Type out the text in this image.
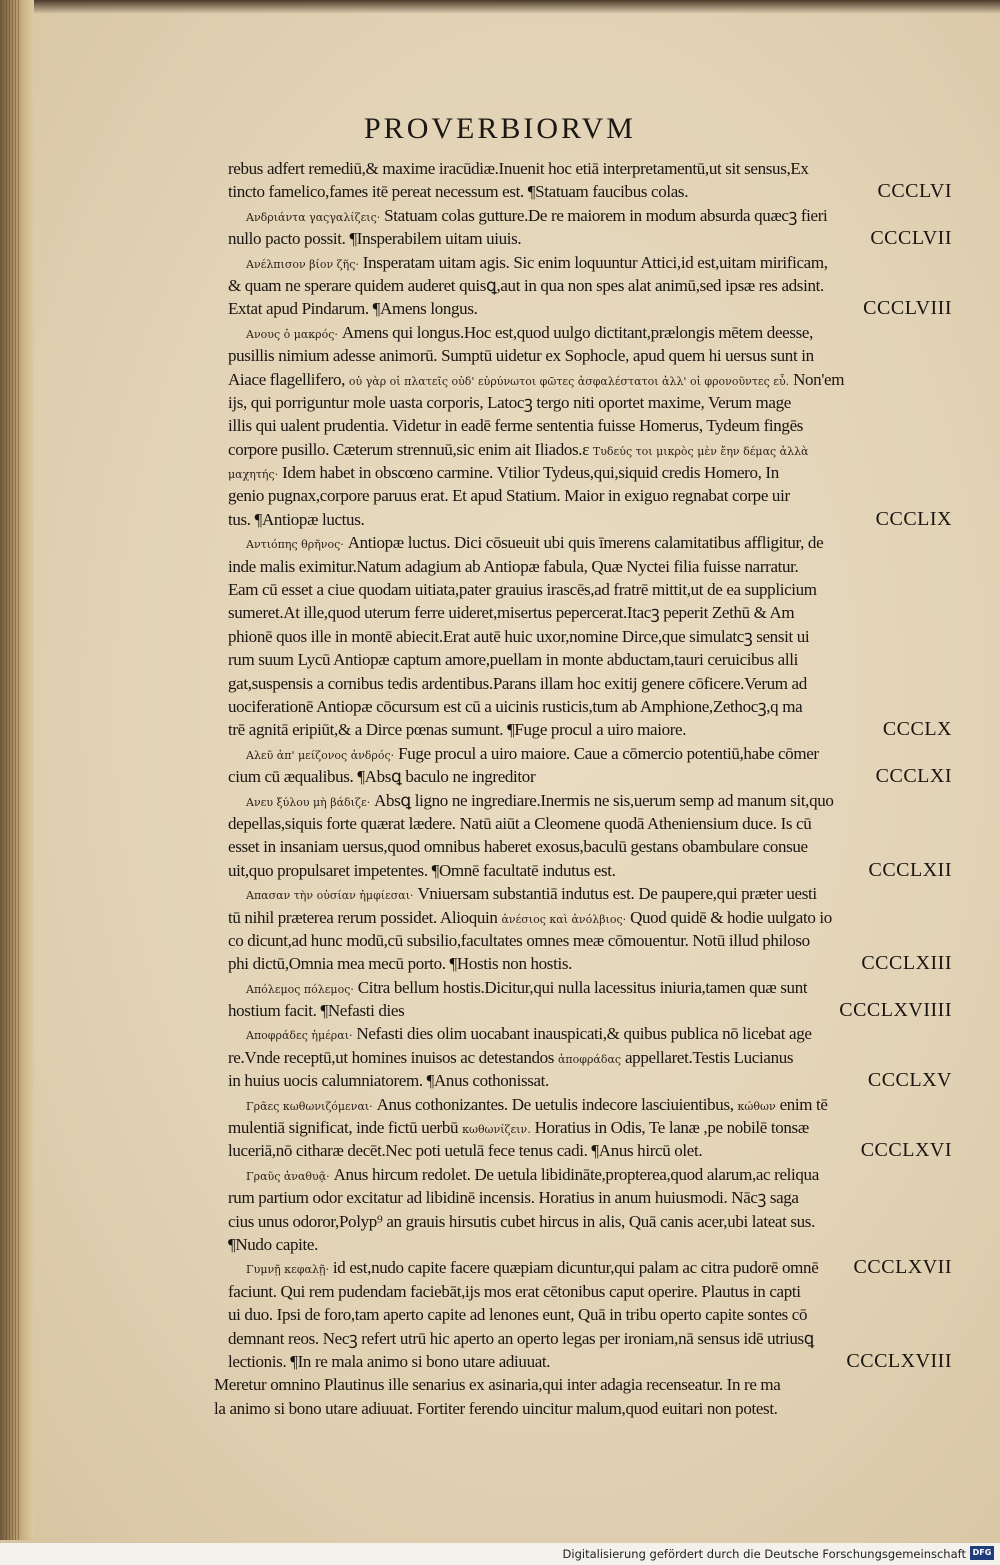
PROVERBIORVM
rebus adfert remediū,& maxime iracūdiæ.Inuenit hoc etiā interpretamentū,ut sit sensus,Ex
CCCLVI
tincto famelico,fames itē pereat necessum est. ¶Statuam faucibus colas.
Ανδριάντα γαςγαλίζεις· Statuam colas gutture.De re maiorem in modum absurda quæcꝫ fieri
CCCLVII
nullo pacto possit. ¶Insperabilem uitam uiuis.
Ανέλπισον βίον ζῆς· Insperatam uitam agis. Sic enim loquuntur Attici,id est,uitam mirificam,
& quam ne sperare quidem auderet quisꝗ,aut in qua non spes alat animū,sed ipsæ res adsint.
CCCLVIII
Extat apud Pindarum. ¶Amens longus.
Ανους ὁ μακρός· Amens qui longus.Hoc est,quod uulgo dictitant,prælongis mētem deesse,
pusillis nimium adesse animorū. Sumptū uidetur ex Sophocle, apud quem hi uersus sunt in
Aiace flagellifero, οὐ γὰρ οἱ πλατεῖς οὐδ' εὐρύνωτοι φῶτες ἀσφαλέστατοι ἀλλ' οἱ φρονοῦντες εὖ. Non'em
ijs, qui porriguntur mole uasta corporis, Latocꝫ tergo niti oportet maxime, Verum mage
illis qui ualent prudentia. Videtur in eadē ferme sententia fuisse Homerus, Tydeum fingēs
corpore pusillo. Cæterum strennuū,sic enim ait Iliados.ε Τυδεύς τοι μικρὸς μὲν ἔην δέμας ἀλλὰ
μαχητής· Idem habet in obscœno carmine. Vtilior Tydeus,qui,siquid credis Homero, In
genio pugnax,corpore paruus erat. Et apud Statium. Maior in exiguo regnabat corpe uir
CCCLIX
tus. ¶Antiopæ luctus.
Αντιόπης θρῆνος· Antiopæ luctus. Dici cōsueuit ubi quis īmerens calamitatibus affligitur, de
inde malis eximitur.Natum adagium ab Antiopæ fabula, Quæ Nyctei filia fuisse narratur.
Eam cū esset a ciue quodam uitiata,pater grauius irascēs,ad fratrē mittit,ut de ea supplicium
sumeret.At ille,quod uterum ferre uideret,misertus pepercerat.Itacꝫ peperit Zethū & Am
phionē quos ille in montē abiecit.Erat autē huic uxor,nomine Dirce,que simulatcꝫ sensit ui
rum suum Lycū Antiopæ captum amore,puellam in monte abductam,tauri ceruicibus alli
gat,suspensis a cornibus tedis ardentibus.Parans illam hoc exitij genere cōficere.Verum ad
uociferationē Antiopæ cōcursum est cū a uicinis rusticis,tum ab Amphione,Zethocꝫ,q ma
CCCLX
trē agnitā eripiūt,& a Dirce pœnas sumunt. ¶Fuge procul a uiro maiore.
Αλεῦ ἀπ' μείζονος ἀνδρός· Fuge procul a uiro maiore. Caue a cōmercio potentiū,habe cōmer
CCCLXI
cium cū æqualibus. ¶Absꝗ baculo ne ingreditor
Ανευ ξύλου μὴ βάδιζε· Absꝗ ligno ne ingrediare.Inermis ne sis,uerum semp ad manum sit,quo
depellas,siquis forte quærat lædere. Natū aiūt a Cleomene quodā Atheniensium duce. Is cū
esset in insaniam uersus,quod omnibus haberet exosus,baculū gestans obambulare consue
CCCLXII
uit,quo propulsaret impetentes. ¶Omnē facultatē indutus est.
Απασαν τὴν οὐσίαν ἠμφίεσαι· Vniuersam substantiā indutus est. De paupere,qui præter uesti
tū nihil præterea rerum possidet. Alioquin ἀνέσιος καὶ ἀνόλβιος· Quod quidē & hodie uulgato io
co dicunt,ad hunc modū,cū subsilio,facultates omnes meæ cōmouentur. Notū illud philoso
CCCLXIII
phi dictū,Omnia mea mecū porto. ¶Hostis non hostis.
Απόλεμος πόλεμος· Citra bellum hostis.Dicitur,qui nulla lacessitus iniuria,tamen quæ sunt
CCCLXVIIII
hostium facit. ¶Nefasti dies
Αποφράδες ἡμέραι· Nefasti dies olim uocabant inauspicati,& quibus publica nō licebat age
re.Vnde receptū,ut homines inuisos ac detestandos ἀποφράδας appellaret.Testis Lucianus
CCCLXV
in huius uocis calumniatorem. ¶Anus cothonissat.
Γρᾶες κωθωνιζόμεναι· Anus cothonizantes. De uetulis indecore lasciuientibus, κώθων enim tē
mulentiā significat, inde fictū uerbū κωθωνίζειν. Horatius in Odis, Te lanæ ,pe nobilē tonsæ
CCCLXVI
luceriā,nō citharæ decēt.Nec poti uetulā fece tenus cadi. ¶Anus hircū olet.
Γραῦς ἀναθυᾷ· Anus hircum redolet. De uetula libidināte,propterea,quod alarum,ac reliqua
rum partium odor excitatur ad libidinē incensis. Horatius in anum huiusmodi. Nācꝫ saga
cius unus odoror,Polyp⁹ an grauis hirsutis cubet hircus in alis, Quā canis acer,ubi lateat sus.
¶Nudo capite.
CCCLXVII
Γυμνῇ κεφαλῇ· id est,nudo capite facere quæpiam dicuntur,qui palam ac citra pudorē omnē
faciunt. Qui rem pudendam faciebāt,ijs mos erat cētonibus caput operire. Plautus in capti
ui duo. Ipsi de foro,tam aperto capite ad lenones eunt, Quā in tribu operto capite sontes cō
demnant reos. Necꝫ refert utrū hic aperto an operto legas per ironiam,nā sensus idē utriusꝗ
CCCLXVIII
lectionis. ¶In re mala animo si bono utare adiuuat.
Meretur omnino Plautinus ille senarius ex asinaria,qui inter adagia recenseatur. In re ma
la animo si bono utare adiuuat. Fortiter ferendo uincitur malum,quod euitari non potest.
Digitalisierung gefördert durch die Deutsche Forschungsgemeinschaft DFG
